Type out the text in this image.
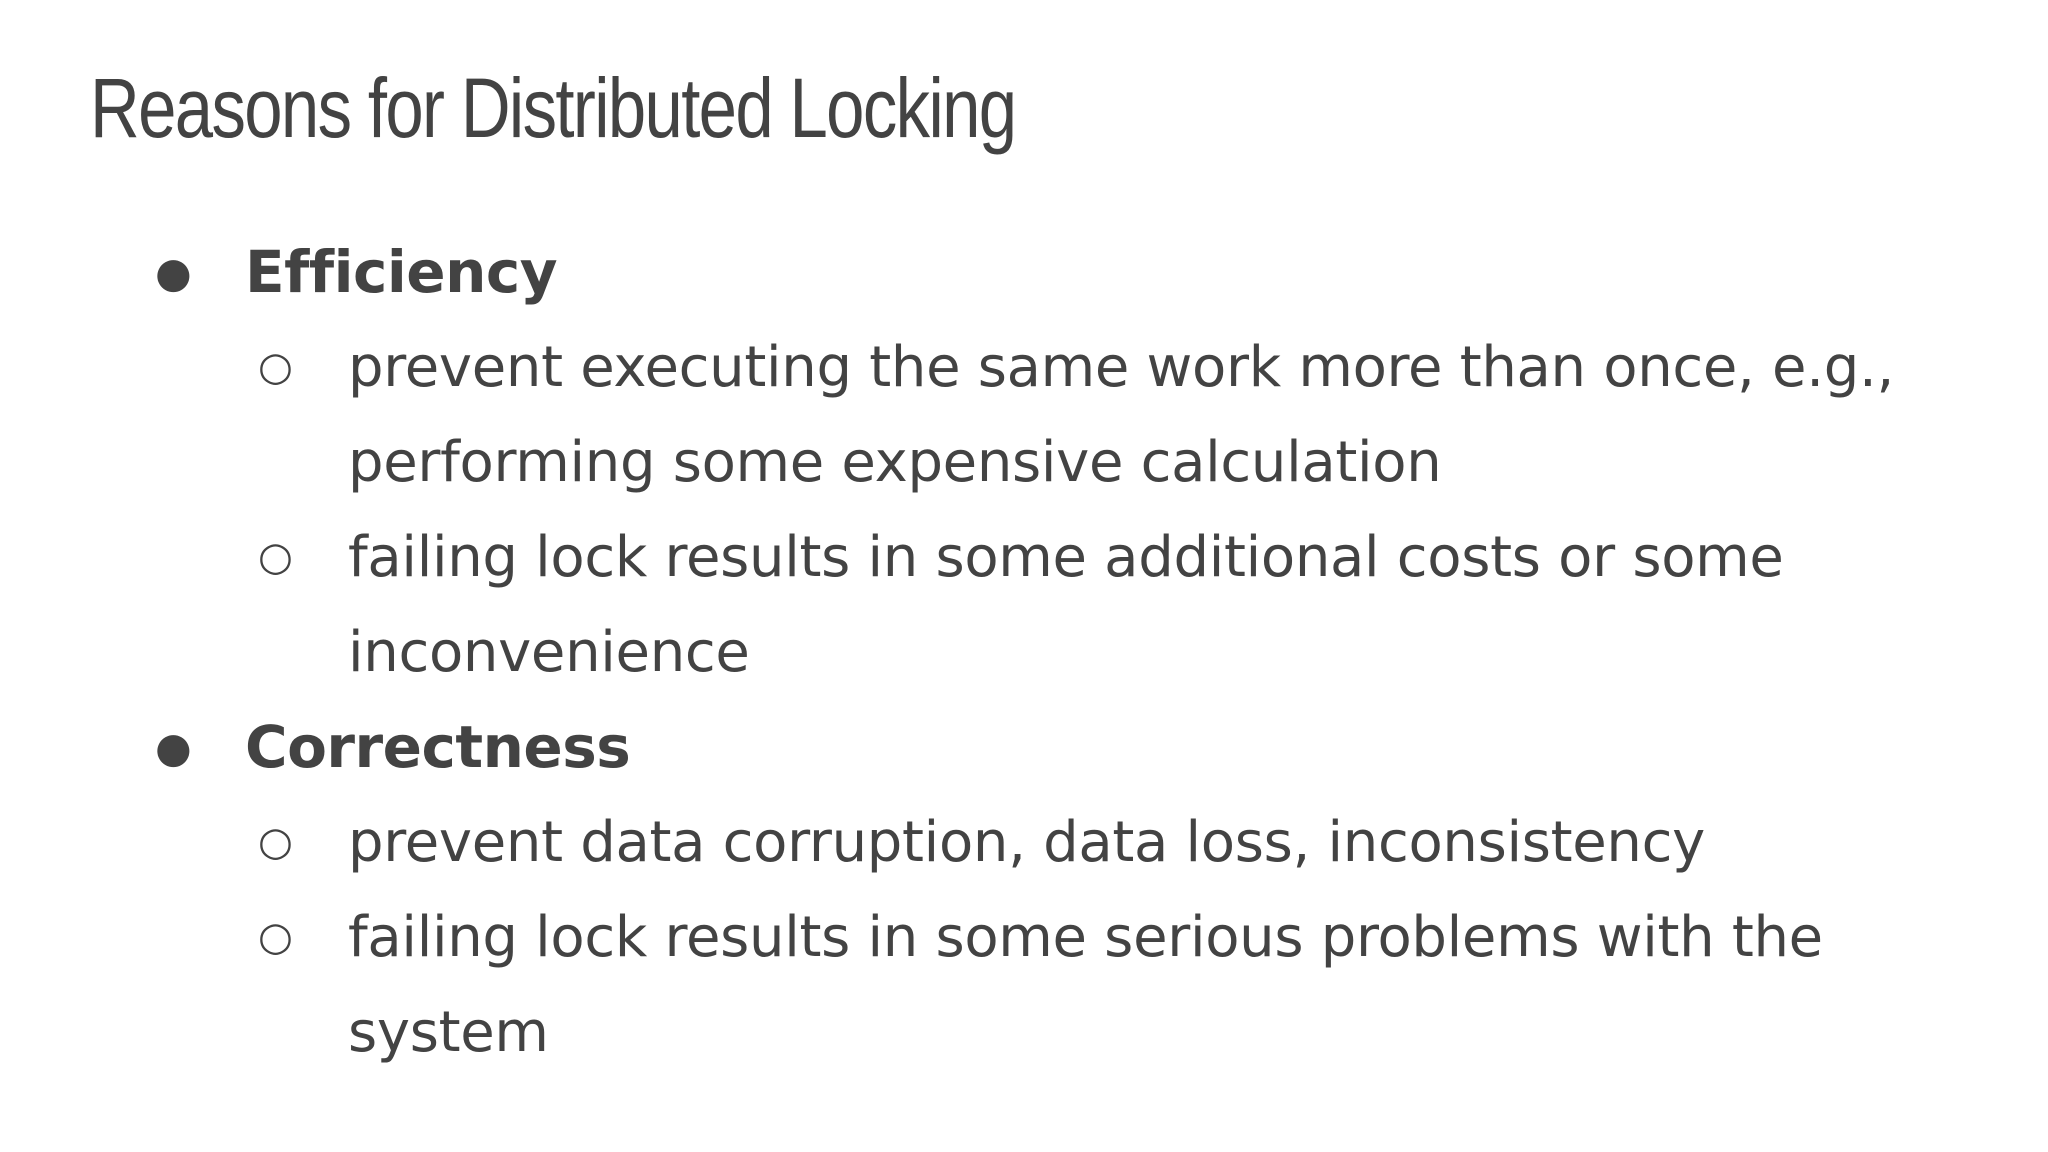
Reasons for Distributed Locking
● Efficiency
○ prevent executing the same work more than once, e.g., performing some expensive calculation
○ failing lock results in some additional costs or some inconvenience
● Correctness
○ prevent data corruption, data loss, inconsistency
○ failing lock results in some serious problems with the system
